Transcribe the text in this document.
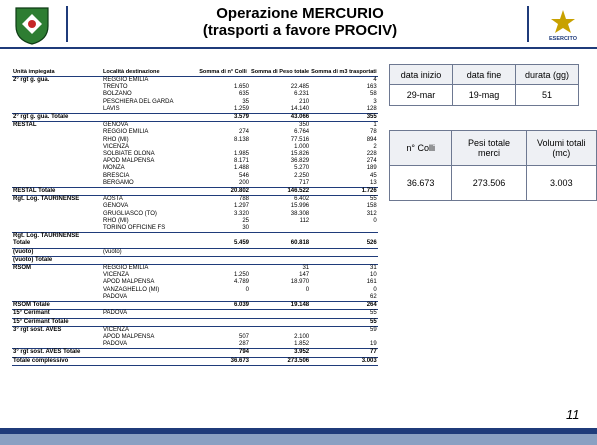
Operazione MERCURIO
(trasporti a favore PROCIV)	ESERCITO
Unità impiegata	Località destinazione	Somma di n° Colli	Somma di Peso totale	Somma di m3 trasportati
2° rgt g. gua.	REGGIO EMILIA			4
	TRENTO	1.650	22.485	163
	BOLZANO	635	6.231	58
	PESCHIERA DEL GARDA	35	210	3
	LAVIS	1.259	14.140	128
2° rgt g. gua. Totale		3.579	43.066	355
RESTAL	GENOVA		350	1
	REGGIO EMILIA	274	6.764	78
	RHO (MI)	8.138	77.516	894
	VICENZA		1.000	2
	SOLBIATE OLONA	1.985	15.826	228
	APOD MALPENSA	8.171	36.829	274
	MONZA	1.488	5.270	189
	BRESCIA	546	2.250	45
	BERGAMO	200	717	13
RESTAL Totale		20.802	146.522	1.726
Rgt. Log. TAURINENSE	AOSTA	788	6.402	55
	GENOVA	1.297	15.996	158
	GRUGLIASCO (TO)	3.320	38.308	312
	RHO (MI)	25	112	0
	TORINO OFFICINE FS	30		
Rgt. Log. TAURINENSE				
Totale		5.459	60.818	526
(vuoto)	(vuoto)			
(vuoto) Totale				
RSOM	REGGIO EMILIA		31	31
	VICENZA	1.250	147	10
	APOD MALPENSA	4.789	18.970	161
	VANZAGHELLO (MI)	0	0	0
	PADOVA			62
RSOM Totale		6.039	19.148	264
15° Cerimant	PADOVA			55
15° Cerimant Totale				55
3° rgt sost. AVES	VICENZA			59
	APOD MALPENSA	507	2.100	
	PADOVA	287	1.852	19
3° rgt sost. AVES Totale		794	3.952	77
Totale complessivo		36.673	273.506	3.003
data inizio	data fine	durata (gg)
29-mar	19-mag	51
n° Colli	Pesi totale merci	Volumi totali (mc)
36.673	273.506	3.003
11
